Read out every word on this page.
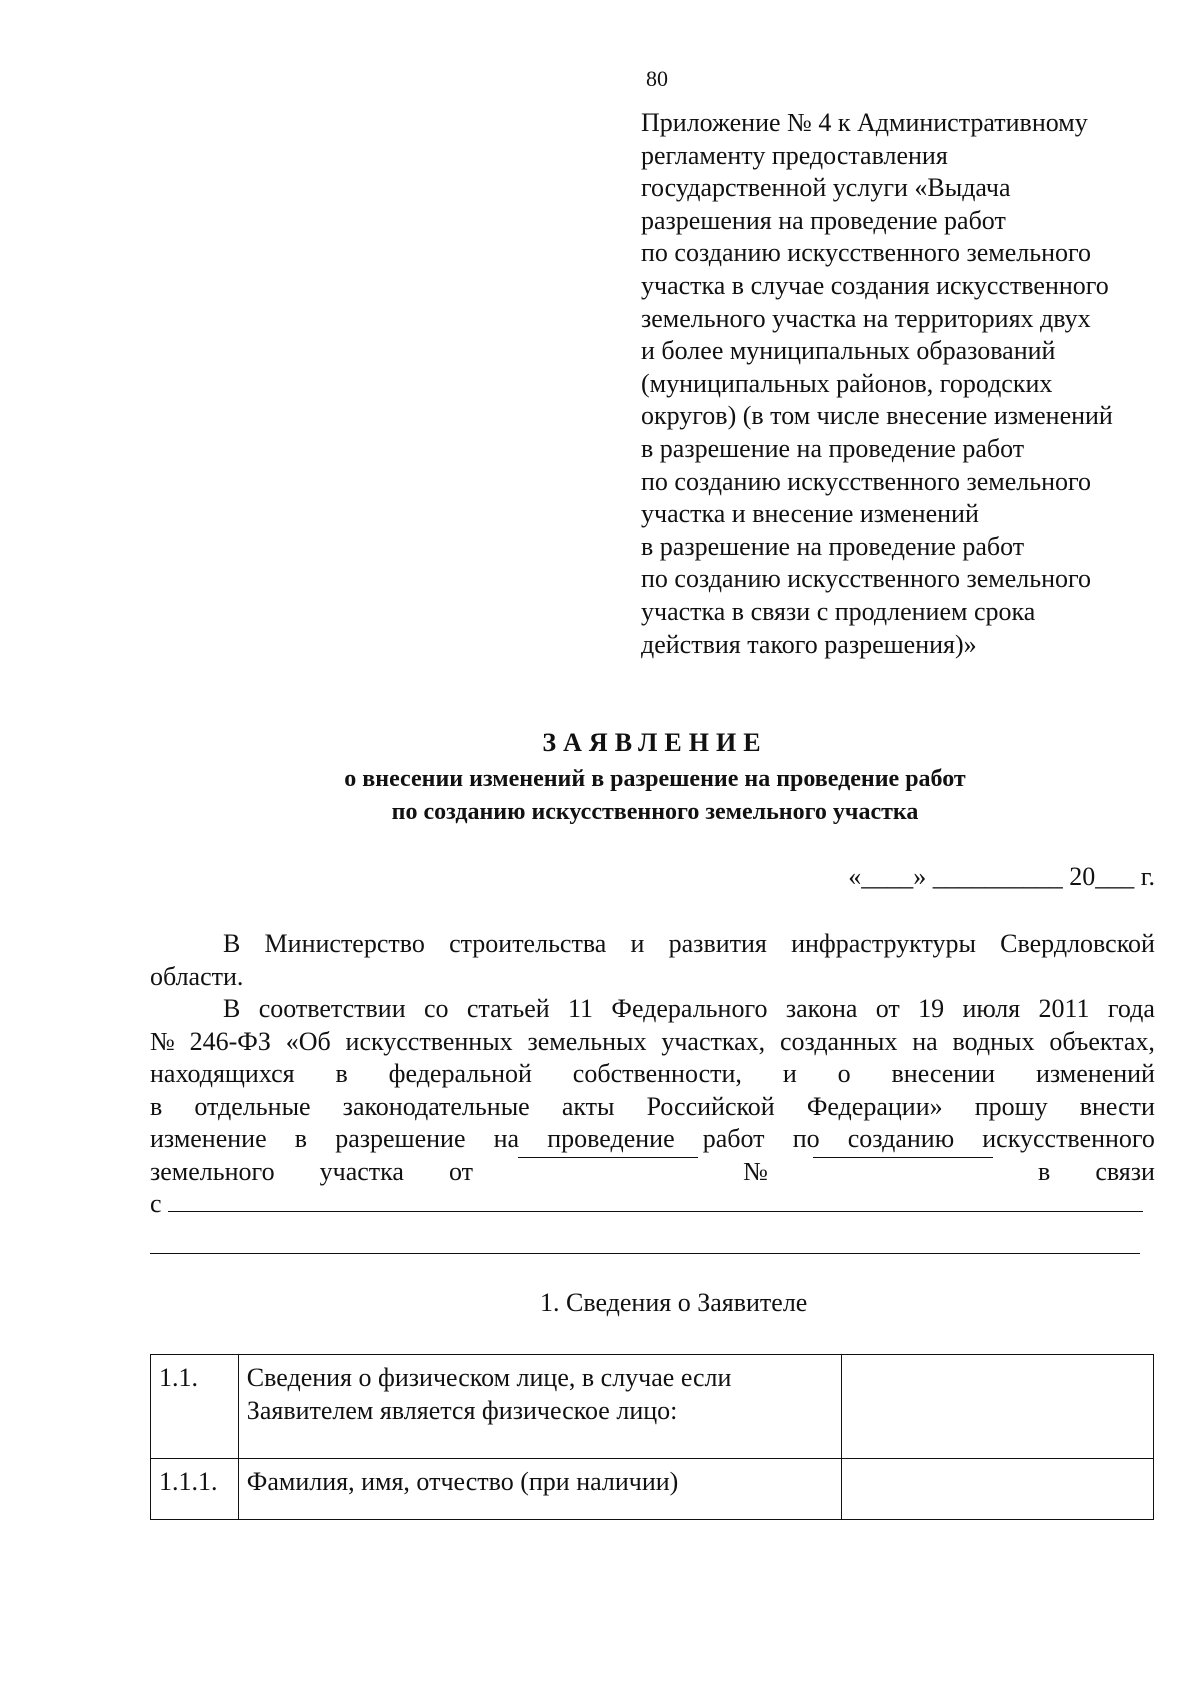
80
Приложение № 4 к Административному
регламенту предоставления
государственной услуги «Выдача
разрешения на проведение работ
по созданию искусственного земельного
участка в случае создания искусственного
земельного участка на территориях двух
и более муниципальных образований
(муниципальных районов, городских
округов) (в том числе внесение изменений
в разрешение на проведение работ
по созданию искусственного земельного
участка и внесение изменений
в разрешение на проведение работ
по созданию искусственного земельного
участка в связи с продлением срока
действия такого разрешения)»
ЗАЯВЛЕНИЕ
о внесении изменений в разрешение на проведение работ
по созданию искусственного земельного участка
«____» __________ 20___ г.
В Министерство строительства и развития инфраструктуры Свердловской
области.
В соответствии со статьей 11 Федерального закона от 19 июля 2011 года
№ 246-ФЗ «Об искусственных земельных участках, созданных на водных объектах,
находящихся в федеральной собственности, и о внесении изменений
в отдельные законодательные акты Российской Федерации» прошу внести
изменение в разрешение на проведение работ по созданию искусственного
земельного участка от	№	в связи
с
1. Сведения о Заявителе
1.1.	Сведения о физическом лице, в случае если
Заявителем является физическое лицо:	

1.1.1.	Фамилия, имя, отчество (при наличии)	
